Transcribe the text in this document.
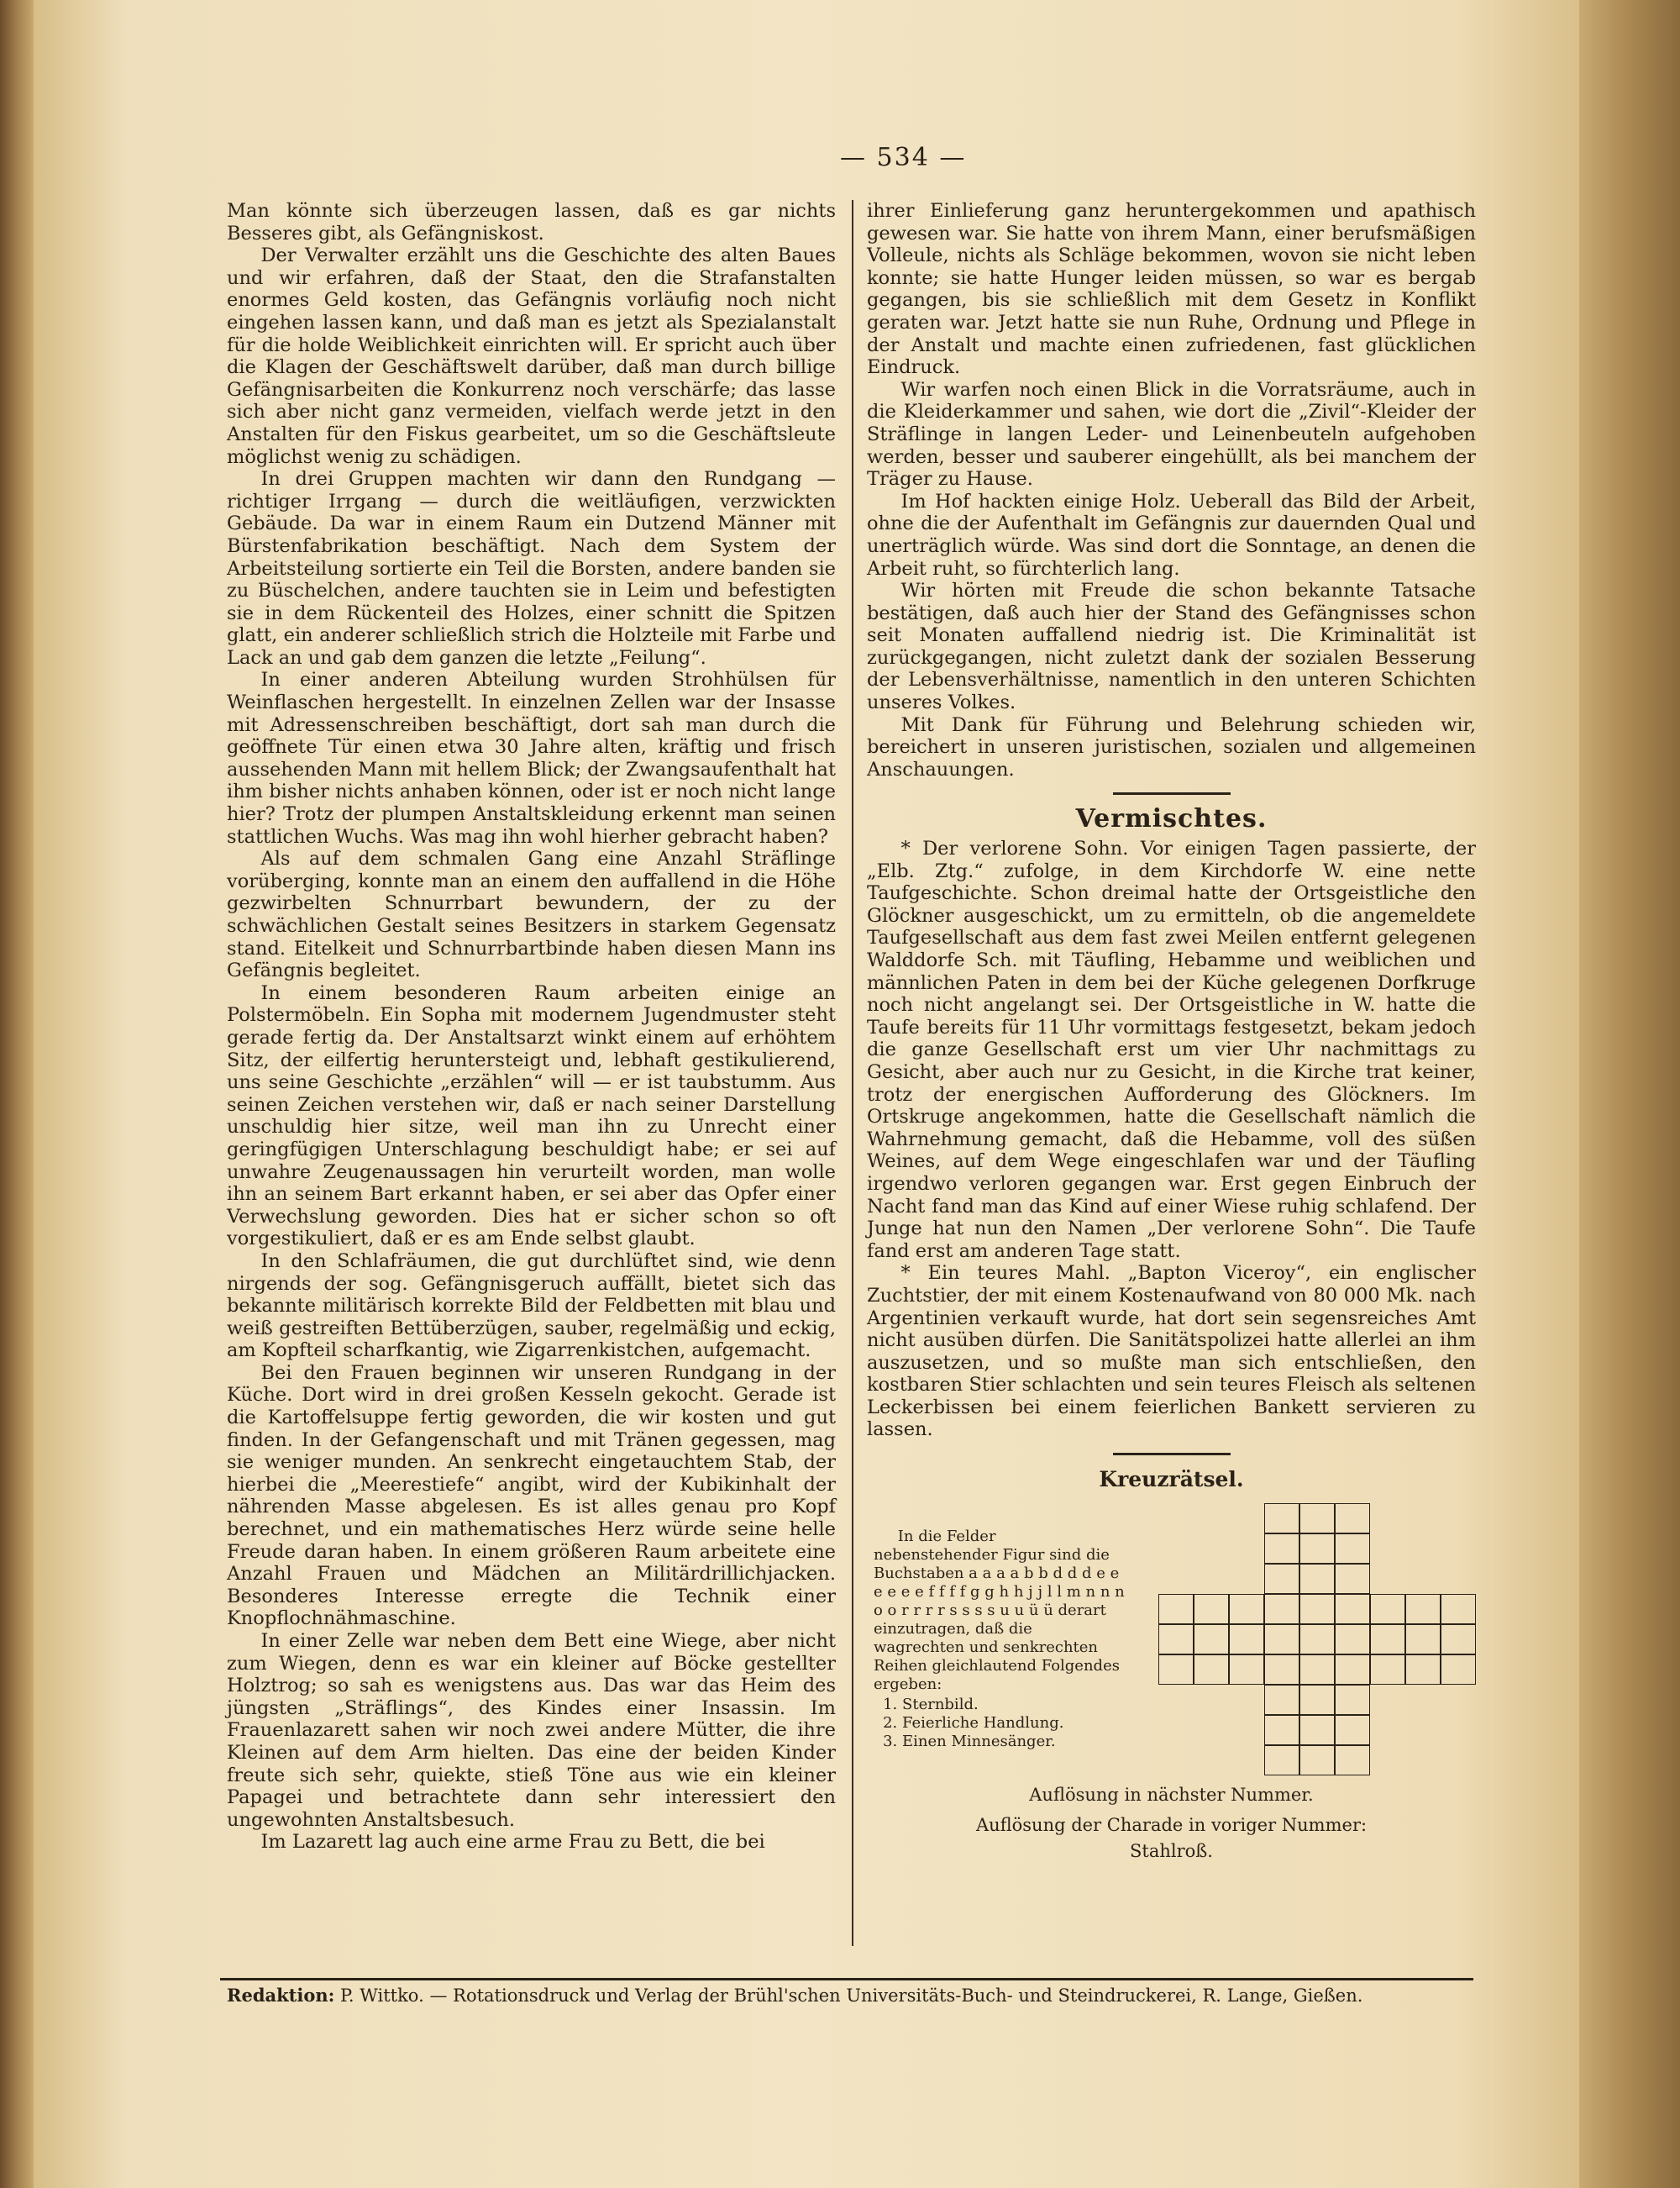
— 534 —

Man könnte sich überzeugen lassen, daß es gar nichts Besseres gibt, als Gefängniskost.

Der Verwalter erzählt uns die Geschichte des alten Baues und wir erfahren, daß der Staat, den die Strafanstalten enormes Geld kosten, das Gefängnis vorläufig noch nicht eingehen lassen kann, und daß man es jetzt als Spezialanstalt für die holde Weiblichkeit einrichten will. Er spricht auch über die Klagen der Geschäftswelt darüber, daß man durch billige Gefängnisarbeiten die Konkurrenz noch verschärfe; das lasse sich aber nicht ganz vermeiden, vielfach werde jetzt in den Anstalten für den Fiskus gearbeitet, um so die Geschäftsleute möglichst wenig zu schädigen.

In drei Gruppen machten wir dann den Rundgang — richtiger Irrgang — durch die weitläufigen, verzwickten Gebäude. Da war in einem Raum ein Dutzend Männer mit Bürstenfabrikation beschäftigt. Nach dem System der Arbeitsteilung sortierte ein Teil die Borsten, andere banden sie zu Büschelchen, andere tauchten sie in Leim und befestigten sie in dem Rückenteil des Holzes, einer schnitt die Spitzen glatt, ein anderer schließlich strich die Holzteile mit Farbe und Lack an und gab dem ganzen die letzte „Feilung“.

In einer anderen Abteilung wurden Strohhülsen für Weinflaschen hergestellt. In einzelnen Zellen war der Insasse mit Adressenschreiben beschäftigt, dort sah man durch die geöffnete Tür einen etwa 30 Jahre alten, kräftig und frisch aussehenden Mann mit hellem Blick; der Zwangsaufenthalt hat ihm bisher nichts anhaben können, oder ist er noch nicht lange hier? Trotz der plumpen Anstaltskleidung erkennt man seinen stattlichen Wuchs. Was mag ihn wohl hierher gebracht haben?

Als auf dem schmalen Gang eine Anzahl Sträflinge vorüberging, konnte man an einem den auffallend in die Höhe gezwirbelten Schnurrbart bewundern, der zu der schwächlichen Gestalt seines Besitzers in starkem Gegensatz stand. Eitelkeit und Schnurrbartbinde haben diesen Mann ins Gefängnis begleitet.

In einem besonderen Raum arbeiten einige an Polstermöbeln. Ein Sopha mit modernem Jugendmuster steht gerade fertig da. Der Anstaltsarzt winkt einem auf erhöhtem Sitz, der eilfertig heruntersteigt und, lebhaft gestikulierend, uns seine Geschichte „erzählen“ will — er ist taubstumm. Aus seinen Zeichen verstehen wir, daß er nach seiner Darstellung unschuldig hier sitze, weil man ihn zu Unrecht einer geringfügigen Unterschlagung beschuldigt habe; er sei auf unwahre Zeugenaussagen hin verurteilt worden, man wolle ihn an seinem Bart erkannt haben, er sei aber das Opfer einer Verwechslung geworden. Dies hat er sicher schon so oft vorgestikuliert, daß er es am Ende selbst glaubt.

In den Schlafräumen, die gut durchlüftet sind, wie denn nirgends der sog. Gefängnisgeruch auffällt, bietet sich das bekannte militärisch korrekte Bild der Feldbetten mit blau und weiß gestreiften Bettüberzügen, sauber, regelmäßig und eckig, am Kopfteil scharfkantig, wie Zigarrenkistchen, aufgemacht.

Bei den Frauen beginnen wir unseren Rundgang in der Küche. Dort wird in drei großen Kesseln gekocht. Gerade ist die Kartoffelsuppe fertig geworden, die wir kosten und gut finden. In der Gefangenschaft und mit Tränen gegessen, mag sie weniger munden. An senkrecht eingetauchtem Stab, der hierbei die „Meerestiefe“ angibt, wird der Kubikinhalt der nährenden Masse abgelesen. Es ist alles genau pro Kopf berechnet, und ein mathematisches Herz würde seine helle Freude daran haben. In einem größeren Raum arbeitete eine Anzahl Frauen und Mädchen an Militärdrillichjacken. Besonderes Interesse erregte die Technik einer Knopflochnähmaschine.

In einer Zelle war neben dem Bett eine Wiege, aber nicht zum Wiegen, denn es war ein kleiner auf Böcke gestellter Holztrog; so sah es wenigstens aus. Das war das Heim des jüngsten „Sträflings“, des Kindes einer Insassin. Im Frauenlazarett sahen wir noch zwei andere Mütter, die ihre Kleinen auf dem Arm hielten. Das eine der beiden Kinder freute sich sehr, quiekte, stieß Töne aus wie ein kleiner Papagei und betrachtete dann sehr interessiert den ungewohnten Anstaltsbesuch.

Im Lazarett lag auch eine arme Frau zu Bett, die bei

ihrer Einlieferung ganz heruntergekommen und apathisch gewesen war. Sie hatte von ihrem Mann, einer berufsmäßigen Volleule, nichts als Schläge bekommen, wovon sie nicht leben konnte; sie hatte Hunger leiden müssen, so war es bergab gegangen, bis sie schließlich mit dem Gesetz in Konflikt geraten war. Jetzt hatte sie nun Ruhe, Ordnung und Pflege in der Anstalt und machte einen zufriedenen, fast glücklichen Eindruck.

Wir warfen noch einen Blick in die Vorratsräume, auch in die Kleiderkammer und sahen, wie dort die „Zivil“-Kleider der Sträflinge in langen Leder- und Leinenbeuteln aufgehoben werden, besser und sauberer eingehüllt, als bei manchem der Träger zu Hause.

Im Hof hackten einige Holz. Ueberall das Bild der Arbeit, ohne die der Aufenthalt im Gefängnis zur dauernden Qual und unerträglich würde. Was sind dort die Sonntage, an denen die Arbeit ruht, so fürchterlich lang.

Wir hörten mit Freude die schon bekannte Tatsache bestätigen, daß auch hier der Stand des Gefängnisses schon seit Monaten auffallend niedrig ist. Die Kriminalität ist zurückgegangen, nicht zuletzt dank der sozialen Besserung der Lebensverhältnisse, namentlich in den unteren Schichten unseres Volkes.

Mit Dank für Führung und Belehrung schieden wir, bereichert in unseren juristischen, sozialen und allgemeinen Anschauungen.

Vermischtes.

* Der verlorene Sohn. Vor einigen Tagen passierte, der „Elb. Ztg.“ zufolge, in dem Kirchdorfe W. eine nette Taufgeschichte. Schon dreimal hatte der Ortsgeistliche den Glöckner ausgeschickt, um zu ermitteln, ob die angemeldete Taufgesellschaft aus dem fast zwei Meilen entfernt gelegenen Walddorfe Sch. mit Täufling, Hebamme und weiblichen und männlichen Paten in dem bei der Küche gelegenen Dorfkruge noch nicht angelangt sei. Der Ortsgeistliche in W. hatte die Taufe bereits für 11 Uhr vormittags festgesetzt, bekam jedoch die ganze Gesellschaft erst um vier Uhr nachmittags zu Gesicht, aber auch nur zu Gesicht, in die Kirche trat keiner, trotz der energischen Aufforderung des Glöckners. Im Ortskruge angekommen, hatte die Gesellschaft nämlich die Wahrnehmung gemacht, daß die Hebamme, voll des süßen Weines, auf dem Wege eingeschlafen war und der Täufling irgendwo verloren gegangen war. Erst gegen Einbruch der Nacht fand man das Kind auf einer Wiese ruhig schlafend. Der Junge hat nun den Namen „Der verlorene Sohn“. Die Taufe fand erst am anderen Tage statt.

* Ein teures Mahl. „Bapton Viceroy“, ein englischer Zuchtstier, der mit einem Kostenaufwand von 80 000 Mk. nach Argentinien verkauft wurde, hat dort sein segensreiches Amt nicht ausüben dürfen. Die Sanitätspolizei hatte allerlei an ihm auszusetzen, und so mußte man sich entschließen, den kostbaren Stier schlachten und sein teures Fleisch als seltenen Leckerbissen bei einem feierlichen Bankett servieren zu lassen.

Kreuzrätsel.

In die Felder nebenstehender Figur sind die Buchstaben a a a a b b d d d e e e e e e f f f f g g h h j j l l m n n n o o r r r r s s s s u u ü ü derart einzutragen, daß die wagrechten und senkrechten Reihen gleichlautend Folgendes ergeben:

1. Sternbild.
2. Feierliche Handlung.
3. Einen Minnesänger.
Auflösung in nächster Nummer.
Auflösung der Charade in voriger Nummer:
Stahlroß.
Redaktion: P. Wittko. — Rotationsdruck und Verlag der Brühl'schen Universitäts-Buch- und Steindruckerei, R. Lange, Gießen.
